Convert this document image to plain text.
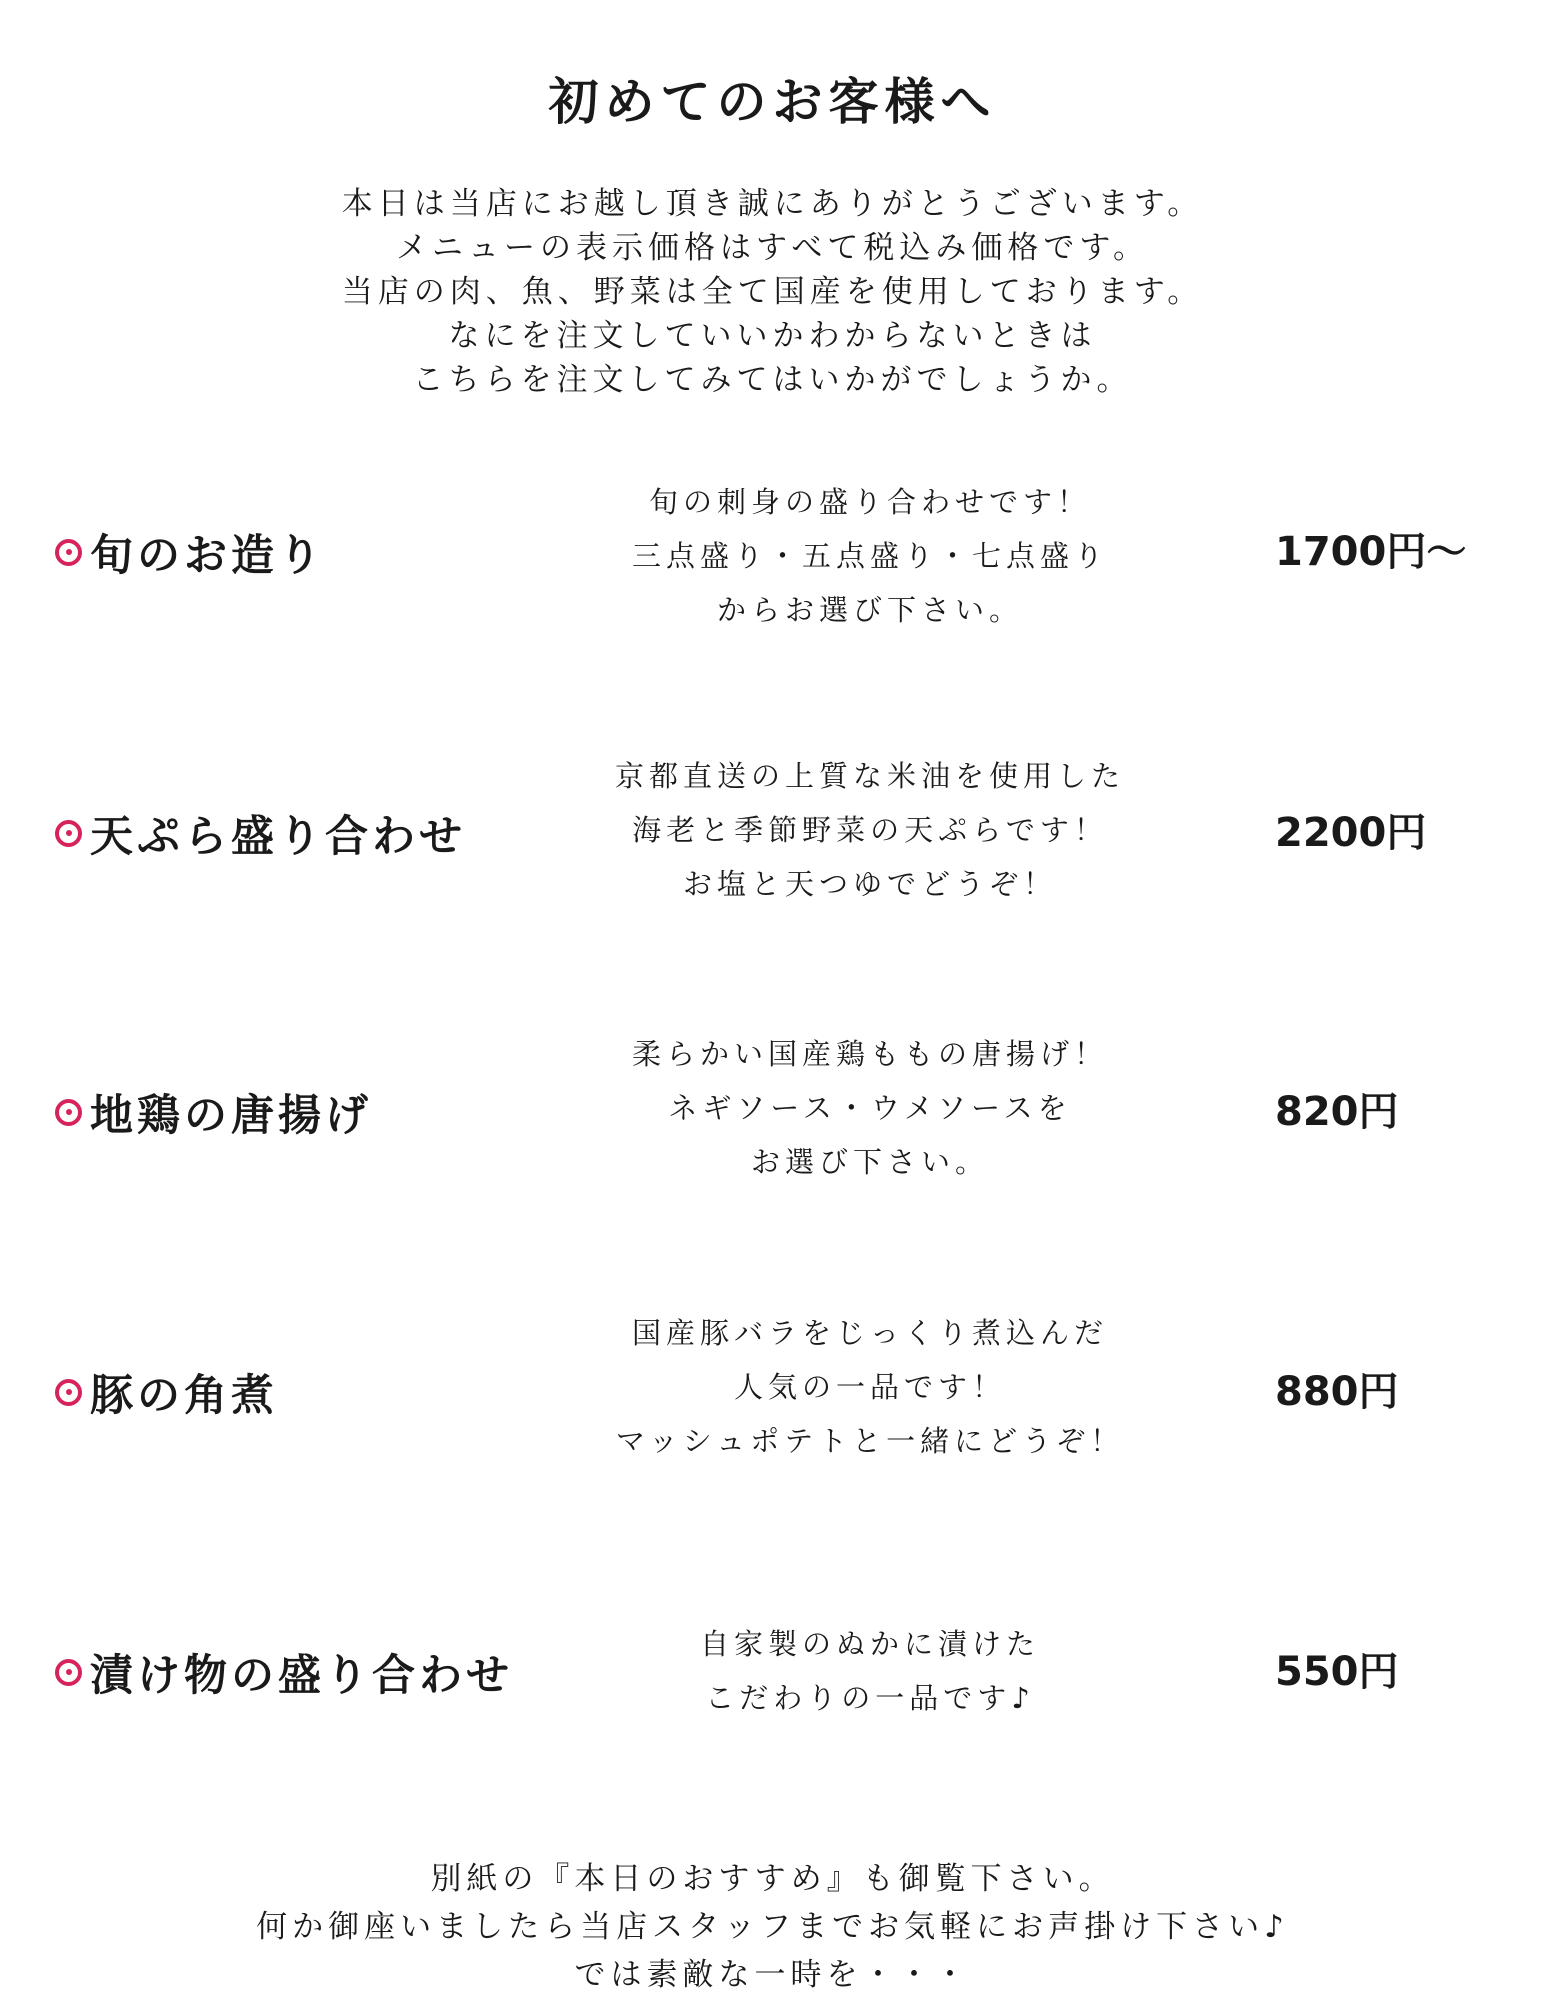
初めてのお客様へ
本日は当店にお越し頂き誠にありがとうございます。
メニューの表示価格はすべて税込み価格です。
当店の肉、魚、野菜は全て国産を使用しております。
なにを注文していいかわからないときは
こちらを注文してみてはいかがでしょうか。
旬のお造り
旬の刺身の盛り合わせです！
三点盛り・五点盛り・七点盛り
からお選び下さい。
1700円～
天ぷら盛り合わせ
京都直送の上質な米油を使用した
海老と季節野菜の天ぷらです！
お塩と天つゆでどうぞ！
2200円
地鶏の唐揚げ
柔らかい国産鶏ももの唐揚げ！
ネギソース・ウメソースを
お選び下さい。
820円
豚の角煮
国産豚バラをじっくり煮込んだ
人気の一品です！
マッシュポテトと一緒にどうぞ！
880円
漬け物の盛り合わせ
自家製のぬかに漬けた
こだわりの一品です♪
550円
別紙の『本日のおすすめ』も御覧下さい。
何か御座いましたら当店スタッフまでお気軽にお声掛け下さい♪
では素敵な一時を・・・
